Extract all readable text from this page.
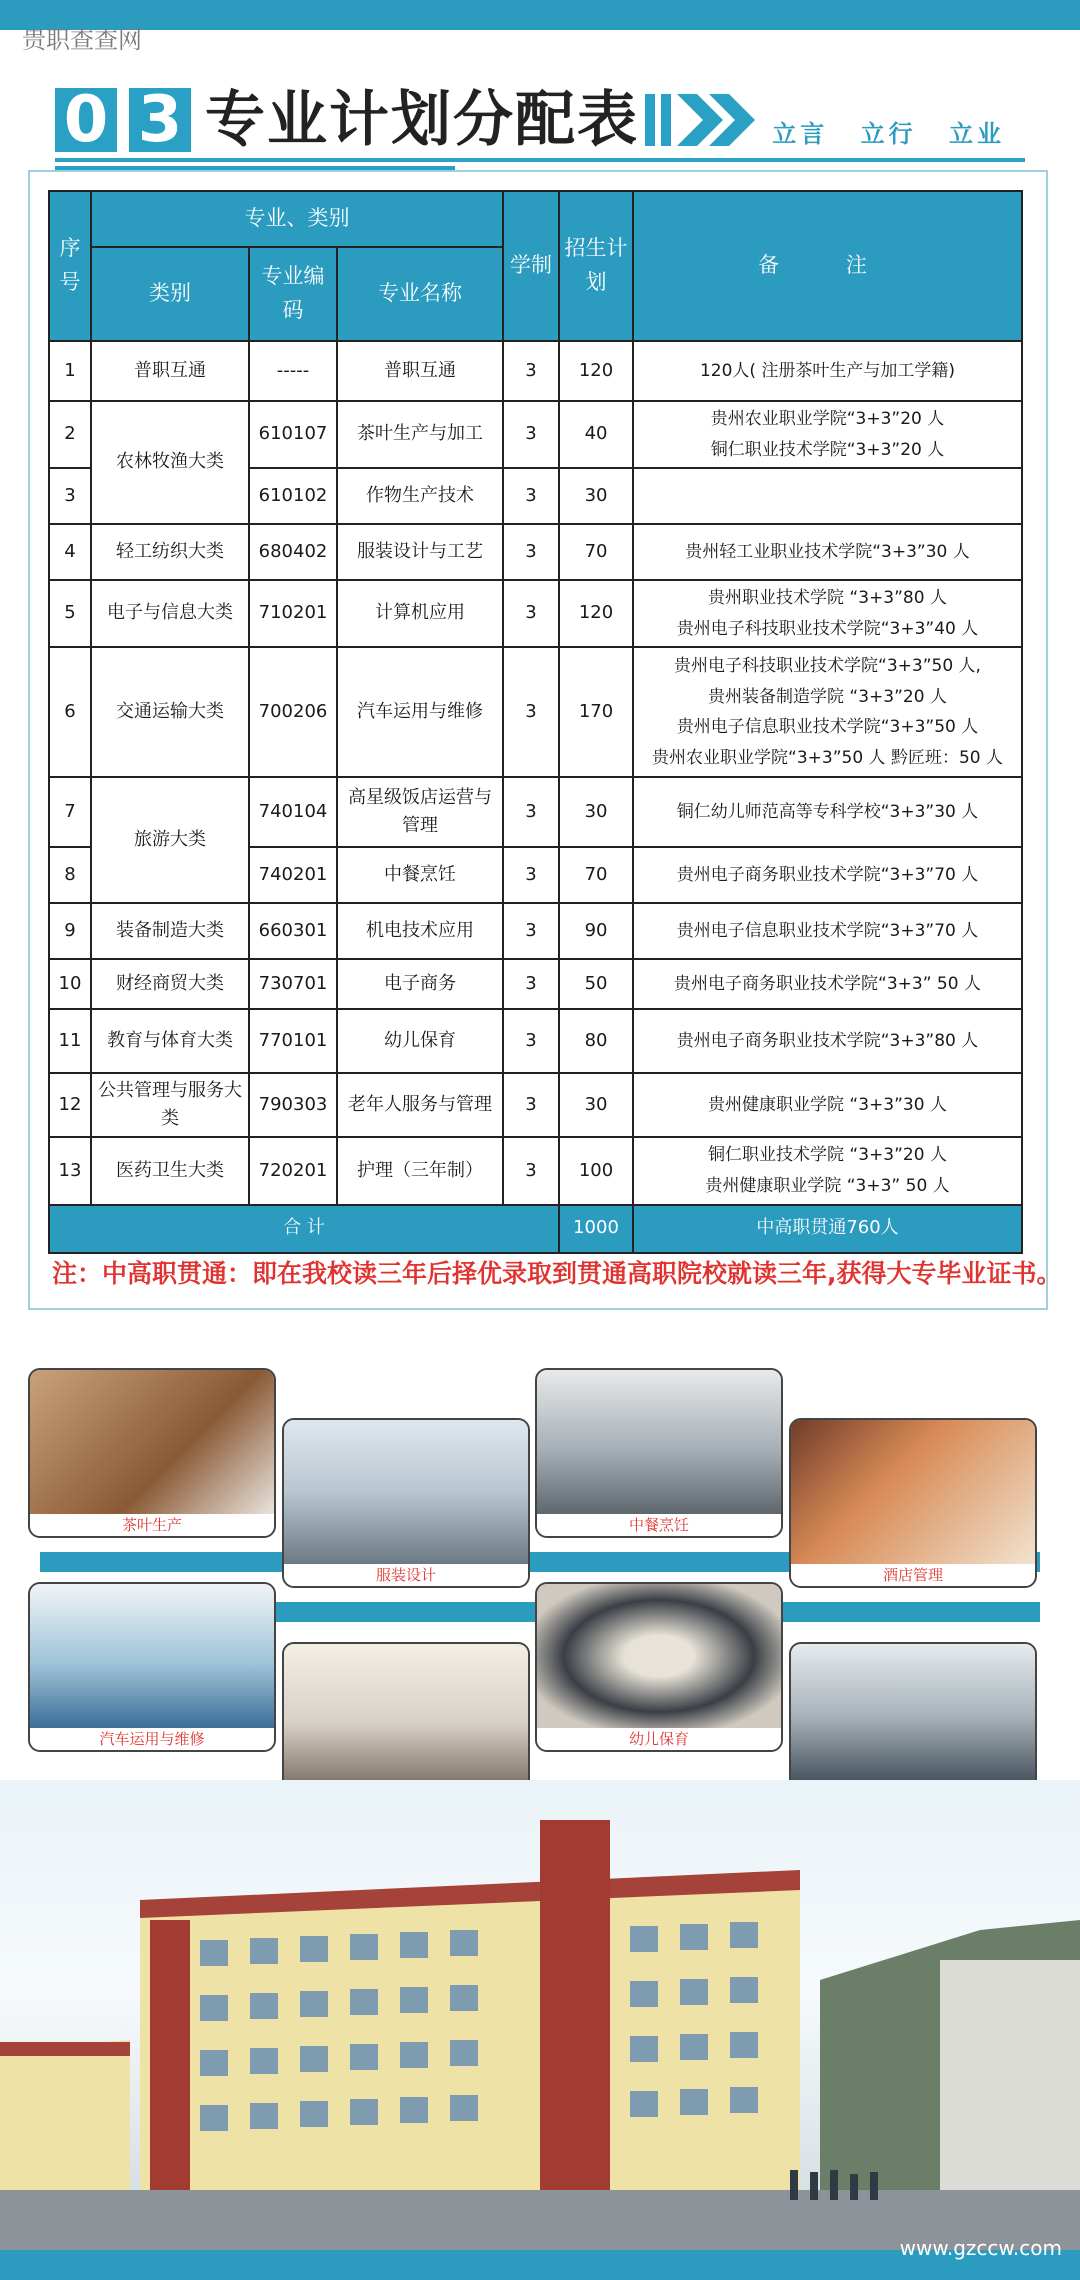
贵职查查网
0 3 专业计划分配表	立言 立行 立业
序号	专业、类别			学制	招生计划	备 注
	类别	专业编码	专业名称			
1	普职互通	-----	普职互通	3	120	120人( 注册茶叶生产与加工学籍)

2	农林牧渔大类	610107	茶叶生产与加工	3	40	贵州农业职业学院“3+3”20 人
铜仁职业技术学院“3+3”20 人

3		610102	作物生产技术	3	30	

4	轻工纺织大类	680402	服装设计与工艺	3	70	贵州轻工业职业技术学院“3+3”30 人

5	电子与信息大类	710201	计算机应用	3	120	贵州职业技术学院 “3+3”80 人
贵州电子科技职业技术学院“3+3”40 人

6	交通运输大类	700206	汽车运用与维修	3	170	贵州电子科技职业技术学院“3+3”50 人,
贵州装备制造学院 “3+3”20 人
贵州电子信息职业技术学院“3+3”50 人
贵州农业职业学院“3+3”50 人 黔匠班：50 人

7	旅游大类	740104	高星级饭店运营与管理	3	30	铜仁幼儿师范高等专科学校“3+3”30 人

8		740201	中餐烹饪	3	70	贵州电子商务职业技术学院“3+3”70 人

9	装备制造大类	660301	机电技术应用	3	90	贵州电子信息职业技术学院“3+3”70 人

10	财经商贸大类	730701	电子商务	3	50	贵州电子商务职业技术学院“3+3” 50 人

11	教育与体育大类	770101	幼儿保育	3	80	贵州电子商务职业技术学院“3+3”80 人

12	公共管理与服务大类	790303	老年人服务与管理	3	30	贵州健康职业学院 “3+3”30 人

13	医药卫生大类	720201	护理（三年制）	3	100	铜仁职业技术学院 “3+3”20 人
贵州健康职业学院 “3+3” 50 人

合 计					1000	中高职贯通760人
注：中高职贯通：即在我校读三年后择优录取到贯通高职院校就读三年,获得大专毕业证书。
茶叶生产
服装设计
中餐烹饪
酒店管理
汽车运用与维修	幼儿保育
www.gzccw.com
